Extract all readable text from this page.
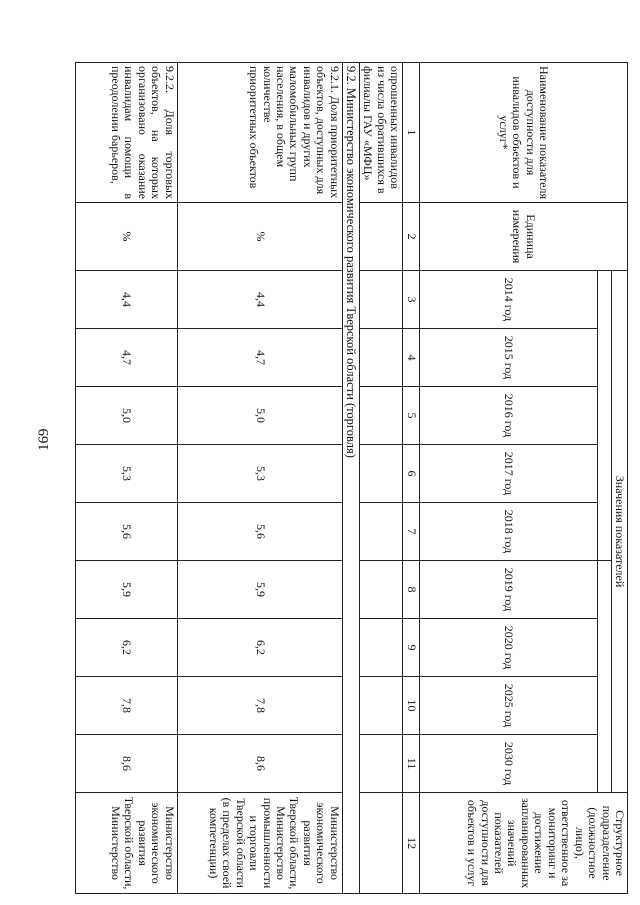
169
Наименование показателя доступности для инвалидов объектов и услуг*	Единица измерения	Значения показателей									Структурное подразделение (должностное лицо), ответственное за мониторинг и достижение запланированных значений показателей доступности для объектов и услуг

		2014 год	2015 год	2016 год	2017 год	2018 год	2019 год	2020 год	2025 год	2030 год	

1	2	3	4	5	6	7	8	9	10	11	12
опрошенных инвалидов из числа обратившихся в филиалы ГАУ «МФЦ»											
9.2. Министерство экономического развития Тверской области (торговля)											
9.2.1. Доля приоритетных объектов, доступных для инвалидов и других маломобильных групп населения, в общем количестве приоритетных объектов	%	4,4	4,7	5,0	5,3	5,6	5,9	6,2	7,8	8,6	Министерство экономического развития Тверской области, Министерство промышленности и торговли Тверской области (в пределах своей компетенции)
9.2.2. Доля торговых объектов, на которых организовано оказание инвалидам помощи в преодолении барьеров,	%	4,4	4,7	5,0	5,3	5,6	5,9	6,2	7,8	8,6	Министерство экономического развития Тверской области, Министерство
